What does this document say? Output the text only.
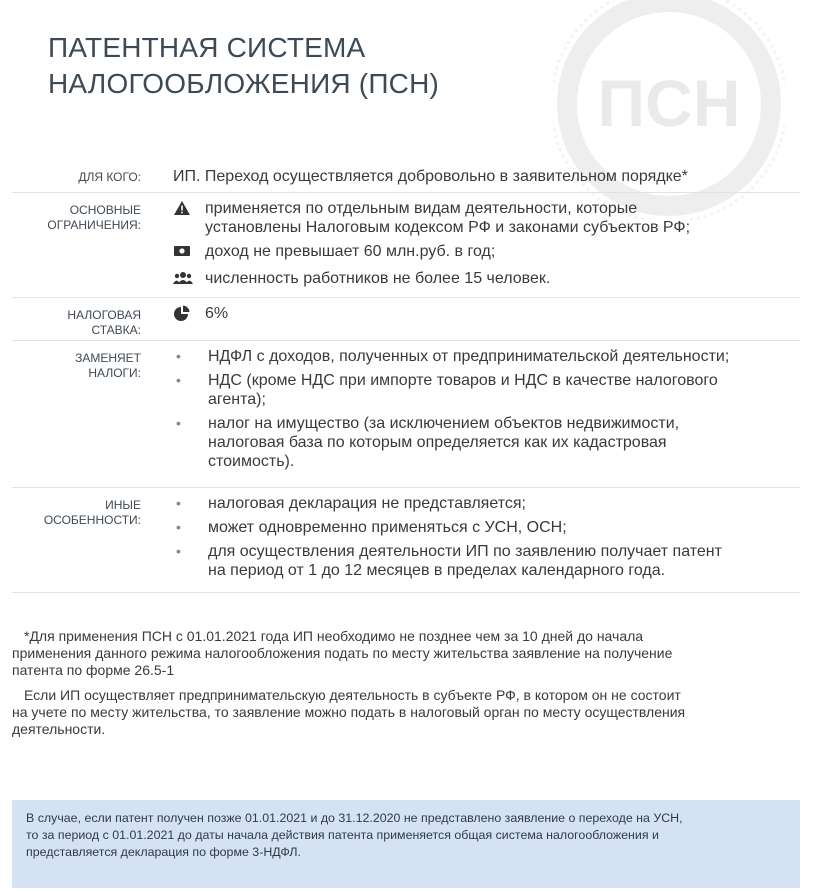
ПСН
ПАТЕНТНАЯ СИСТЕМА
НАЛОГООБЛОЖЕНИЯ (ПСН)
ДЛЯ КОГО: ИП. Переход осуществляется добровольно в заявительном порядке*
ОСНОВНЫЕ
ОГРАНИЧЕНИЯ:
применяется по отдельным видам деятельности, которые
установлены Налоговым кодексом РФ и законами субъектов РФ;
доход не превышает 60 млн.руб. в год;
численность работников не более 15 человек.
НАЛОГОВАЯ
СТАВКА:
6%
ЗАМЕНЯЕТ
НАЛОГИ:
•	НДФЛ с доходов, полученных от предпринимательской деятельности;
•	НДС (кроме НДС при импорте товаров и НДС в качестве налогового
агента);
•	налог на имущество (за исключением объектов недвижимости,
налоговая база по которым определяется как их кадастровая
стоимость).
ИНЫЕ
ОСОБЕННОСТИ:
•	налоговая декларация не представляется;
•	может одновременно применяться с УСН, ОСН;
•	для осуществления деятельности ИП по заявлению получает патент
на период от 1 до 12 месяцев в пределах календарного года.

*Для применения ПСН с 01.01.2021 года ИП необходимо не позднее чем за 10 дней до начала
применения данного режима налогообложения подать по месту жительства заявление на получение
патента по форме 26.5-1

Если ИП осуществляет предпринимательскую деятельность в субъекте РФ, в котором он не состоит
на учете по месту жительства, то заявление можно подать в налоговый орган по месту осуществления
деятельности.

В случае, если патент получен позже 01.01.2021 и до 31.12.2020 не представлено заявление о переходе на УСН,
то за период с 01.01.2021 до даты начала действия патента применяется общая система налогообложения и
представляется декларация по форме 3-НДФЛ.
